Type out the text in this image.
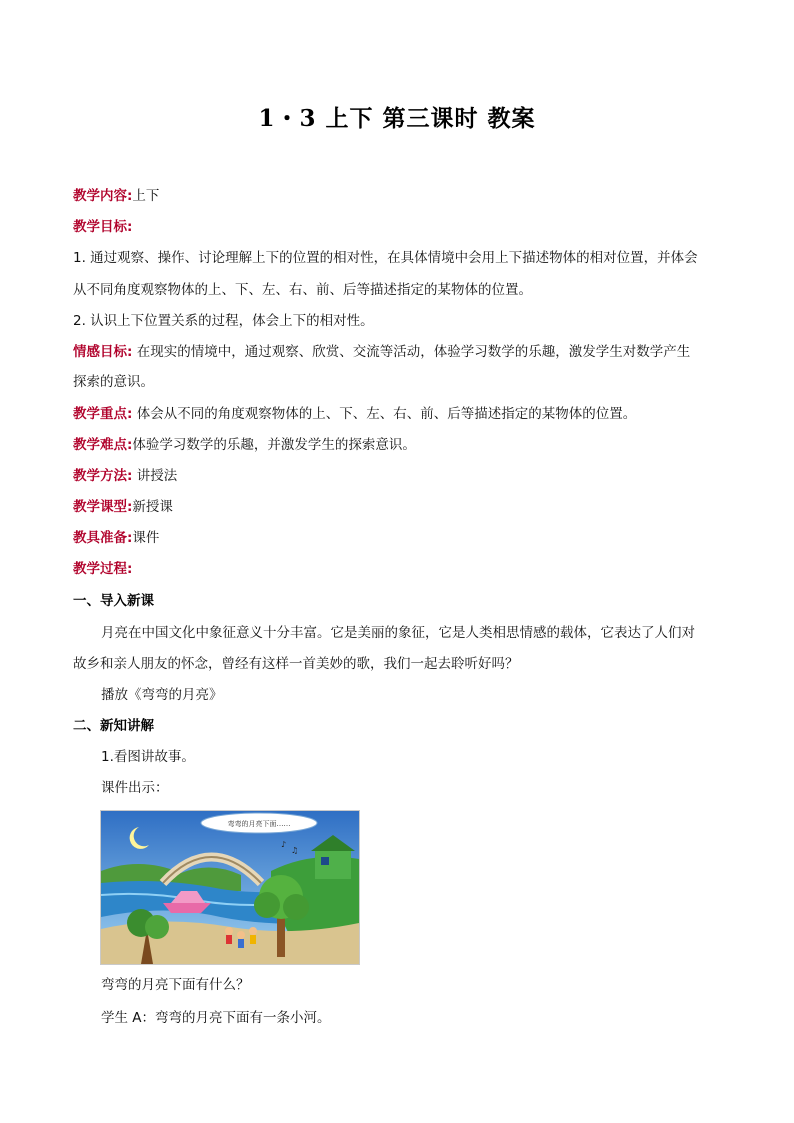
1・3 上下 第三课时 教案
教学内容:上下
教学目标:
1. 通过观察、操作、讨论理解上下的位置的相对性，在具体情境中会用上下描述物体的相对位置，并体会
从不同角度观察物体的上、下、左、右、前、后等描述指定的某物体的位置。
2. 认识上下位置关系的过程，体会上下的相对性。
情感目标: 在现实的情境中，通过观察、欣赏、交流等活动，体验学习数学的乐趣，激发学生对数学产生
探索的意识。
教学重点: 体会从不同的角度观察物体的上、下、左、右、前、后等描述指定的某物体的位置。
教学难点:体验学习数学的乐趣，并激发学生的探索意识。
教学方法: 讲授法
教学课型:新授课
教具准备:课件
教学过程:
一、导入新课
月亮在中国文化中象征意义十分丰富。它是美丽的象征，它是人类相思情感的载体，它表达了人们对
故乡和亲人朋友的怀念，曾经有这样一首美妙的歌，我们一起去聆听好吗？
播放《弯弯的月亮》
二、新知讲解
1.看图讲故事。
课件出示：
弯弯的月亮下面……
♪
♫
弯弯的月亮下面有什么？
学生 A：弯弯的月亮下面有一条小河。
